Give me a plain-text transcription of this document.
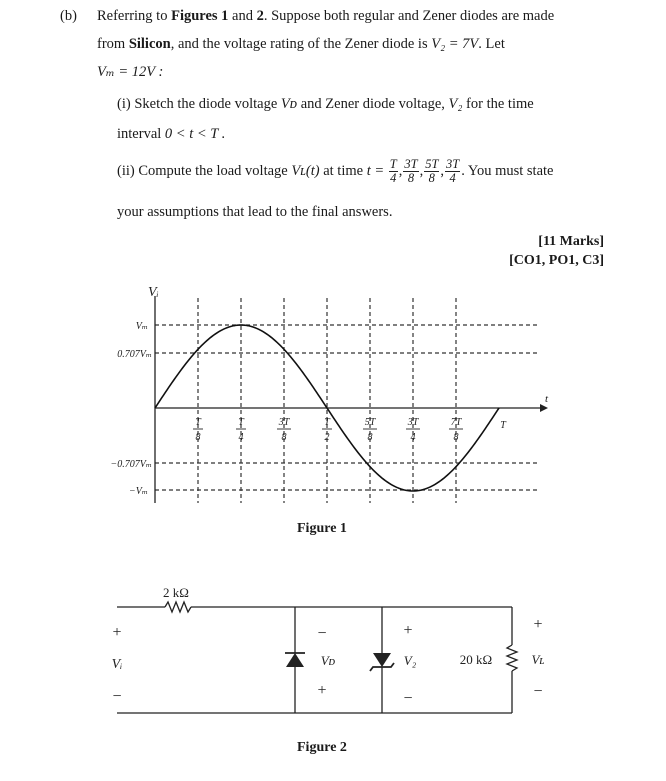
(b) Referring to Figures 1 and 2. Suppose both regular and Zener diodes are made
from Silicon, and the voltage rating of the Zener diode is V₂ = 7V. Let
Vₘ = 12V :
(i) Sketch the diode voltage Vᴅ and Zener diode voltage, V₂ for the time
interval 0 < t < T .
(ii) Compute the load voltage Vʟ(t) at time $t = \frac{T}{4}$ , $\frac{3T}{8}$ , $\frac{5T}{8}$ , $\frac{3T}{4}$ . You must state
your assumptions that lead to the final answers.
[11 Marks]
[CO1, PO1, C3]
Vᵢ
t
Vₘ
0.707Vₘ
−0.707Vₘ
−Vₘ
T
8
T
4
3T
8
T
2
5T
8
3T
4
7T
8
T
Figure 1
2 kΩ
+
Vᵢ
−
−
Vᴅ
+
+
V₂
−
20 kΩ
+
Vʟ
−
Figure 2
